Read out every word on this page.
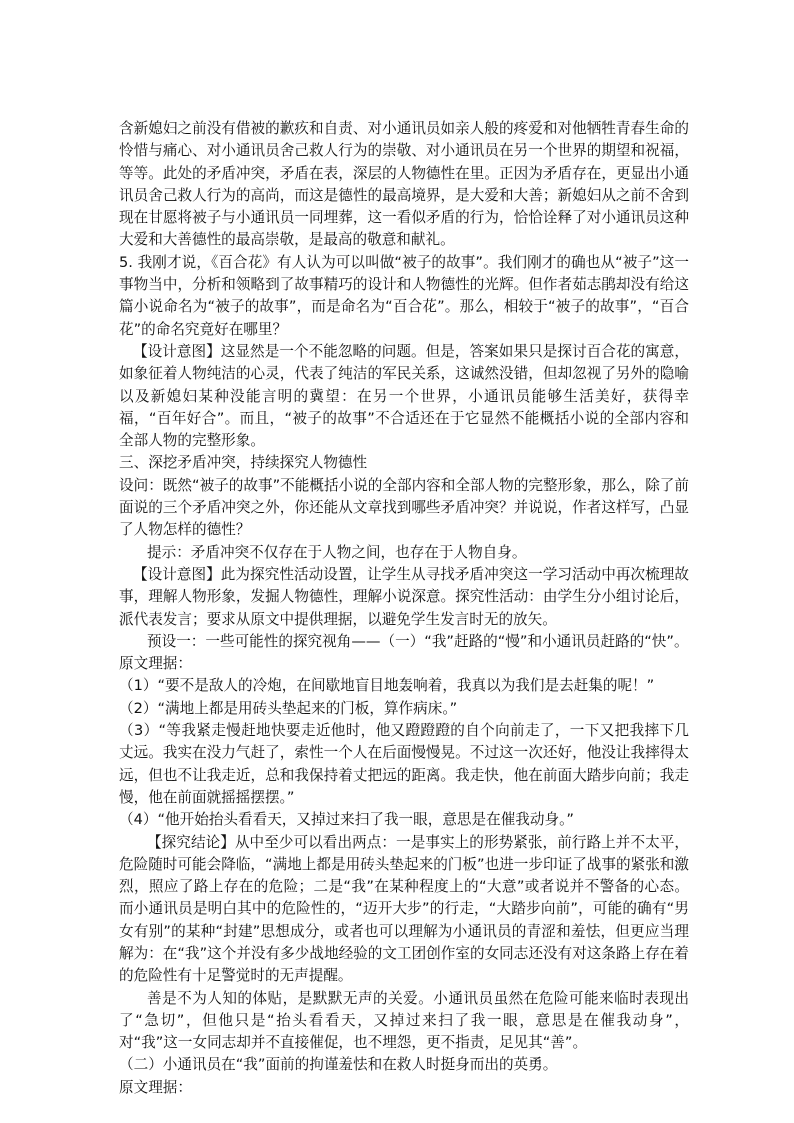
含新媳妇之前没有借被的歉疚和自责、对小通讯员如亲人般的疼爱和对他牺牲青春生命的怜惜与痛心、对小通讯员舍己救人行为的崇敬、对小通讯员在另一个世界的期望和祝福，等等。此处的矛盾冲突，矛盾在表，深层的人物德性在里。正因为矛盾存在，更显出小通讯员舍己救人行为的高尚，而这是德性的最高境界，是大爱和大善；新媳妇从之前不舍到现在甘愿将被子与小通讯员一同埋葬，这一看似矛盾的行为，恰恰诠释了对小通讯员这种大爱和大善德性的最高崇敬，是最高的敬意和献礼。

5. 我刚才说，《百合花》有人认为可以叫做“被子的故事”。我们刚才的确也从“被子”这一事物当中，分析和领略到了故事精巧的设计和人物德性的光辉。但作者茹志鹃却没有给这篇小说命名为“被子的故事”，而是命名为“百合花”。那么，相较于“被子的故事”，“百合花”的命名究竟好在哪里？

【设计意图】这显然是一个不能忽略的问题。但是，答案如果只是探讨百合花的寓意，如象征着人物纯洁的心灵，代表了纯洁的军民关系，这诚然没错，但却忽视了另外的隐喻以及新媳妇某种没能言明的冀望：在另一个世界，小通讯员能够生活美好，获得幸福，“百年好合”。而且，“被子的故事”不合适还在于它显然不能概括小说的全部内容和全部人物的完整形象。

三、深挖矛盾冲突，持续探究人物德性

设问：既然“被子的故事”不能概括小说的全部内容和全部人物的完整形象，那么，除了前面说的三个矛盾冲突之外，你还能从文章找到哪些矛盾冲突？并说说，作者这样写，凸显了人物怎样的德性？

提示：矛盾冲突不仅存在于人物之间，也存在于人物自身。

【设计意图】此为探究性活动设置，让学生从寻找矛盾冲突这一学习活动中再次梳理故事，理解人物形象，发掘人物德性，理解小说深意。探究性活动：由学生分小组讨论后，派代表发言；要求从原文中提供理据，以避免学生发言时无的放矢。

预设一：一些可能性的探究视角——（一）“我”赶路的“慢”和小通讯员赶路的“快”。

原文理据：

（1）“要不是敌人的冷炮，在间歇地盲目地轰响着，我真以为我们是去赶集的呢！”

（2）“满地上都是用砖头垫起来的门板，算作病床。”

（3）“等我紧走慢赶地快要走近他时，他又蹬蹬蹬的自个向前走了，一下又把我摔下几丈远。我实在没力气赶了，索性一个人在后面慢慢晃。不过这一次还好，他没让我摔得太远，但也不让我走近，总和我保持着丈把远的距离。我走快，他在前面大踏步向前；我走慢，他在前面就摇摇摆摆。”

（4）“他开始抬头看看天，又掉过来扫了我一眼，意思是在催我动身。”

【探究结论】从中至少可以看出两点：一是事实上的形势紧张，前行路上并不太平，危险随时可能会降临，“满地上都是用砖头垫起来的门板”也进一步印证了战事的紧张和激烈，照应了路上存在的危险；二是“我”在某种程度上的“大意”或者说并不警备的心态。而小通讯员是明白其中的危险性的，“迈开大步”的行走，“大踏步向前”，可能的确有“男女有别”的某种“封建”思想成分，或者也可以理解为小通讯员的青涩和羞怯，但更应当理解为：在“我”这个并没有多少战地经验的文工团创作室的女同志还没有对这条路上存在着的危险性有十足警觉时的无声提醒。

善是不为人知的体贴，是默默无声的关爱。小通讯员虽然在危险可能来临时表现出了“急切”，但他只是“抬头看看天，又掉过来扫了我一眼，意思是在催我动身”，对“我”这一女同志却并不直接催促，也不埋怨，更不指责，足见其“善”。

（二）小通讯员在“我”面前的拘谨羞怯和在救人时挺身而出的英勇。

原文理据：
